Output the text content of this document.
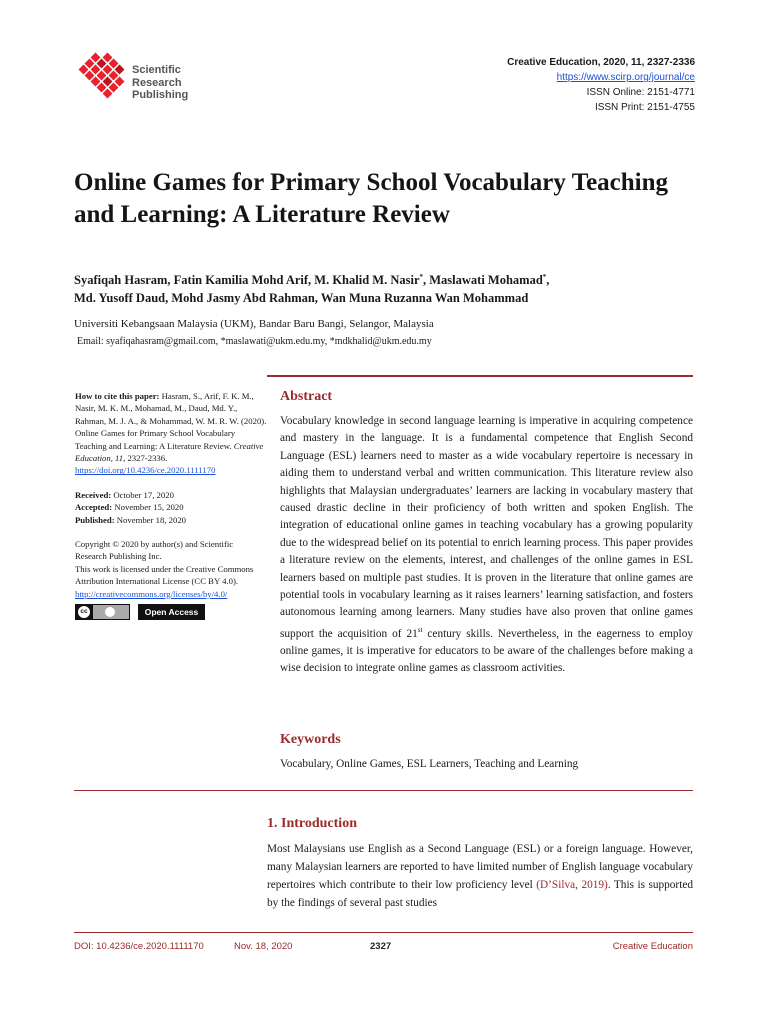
Scientific
Research
Publishing
Creative Education, 2020, 11, 2327-2336
https://www.scirp.org/journal/ce
ISSN Online: 2151-4771
ISSN Print: 2151-4755
Online Games for Primary School Vocabulary Teaching and Learning: A Literature Review
Syafiqah Hasram, Fatin Kamilia Mohd Arif, M. Khalid M. Nasir*, Maslawati Mohamad*,
Md. Yusoff Daud, Mohd Jasmy Abd Rahman, Wan Muna Ruzanna Wan Mohammad
Universiti Kebangsaan Malaysia (UKM), Bandar Baru Bangi, Selangor, Malaysia
Email: syafiqahasram@gmail.com, *maslawati@ukm.edu.my, *mdkhalid@ukm.edu.my

How to cite this paper: Hasram, S., Arif, F. K. M., Nasir, M. K. M., Mohamad, M., Daud, Md. Y., Rahman, M. J. A., & Mohammad, W. M. R. W. (2020). Online Games for Primary School Vocabulary Teaching and Learning: A Literature Review. Creative Education, 11, 2327-2336.
https://doi.org/10.4236/ce.2020.1111170

Received: October 17, 2020
Accepted: November 15, 2020
Published: November 18, 2020

Copyright © 2020 by author(s) and Scientific Research Publishing Inc.

This work is licensed under the Creative Commons Attribution International License (CC BY 4.0).

http://creativecommons.org/licenses/by/4.0/

cc	Open Access
Abstract

Vocabulary knowledge in second language learning is imperative in acquiring competence and mastery in the language. It is a fundamental competence that English Second Language (ESL) learners need to master as a wide vocabulary repertoire is necessary in aiding them to understand verbal and written communication. This literature review also highlights that Malaysian undergraduates’ learners are lacking in vocabulary mastery that caused drastic decline in their proficiency of both written and spoken English. The integration of educational online games in teaching vocabulary has a growing popularity due to the widespread belief on its potential to enrich learning process. This paper provides a literature review on the elements, interest, and challenges of the online games in ESL learners based on multiple past studies. It is proven in the literature that online games are potential tools in vocabulary learning as it raises learners’ learning satisfaction, and fosters autonomous learning among learners. Many studies have also proven that online games support the acquisition of 21st century skills. Nevertheless, in the eagerness to employ online games, it is imperative for educators to be aware of the challenges before making a wise decision to integrate online games as classroom activities.

Keywords

Vocabulary, Online Games, ESL Learners, Teaching and Learning

1. Introduction

Most Malaysians use English as a Second Language (ESL) or a foreign language. However, many Malaysian learners are reported to have limited number of English language vocabulary repertoires which contribute to their low proficiency level (D’Silva, 2019). This is supported by the findings of several past studies

DOI: 10.4236/ce.2020.1111170	Nov. 18, 2020	2327	Creative Education
